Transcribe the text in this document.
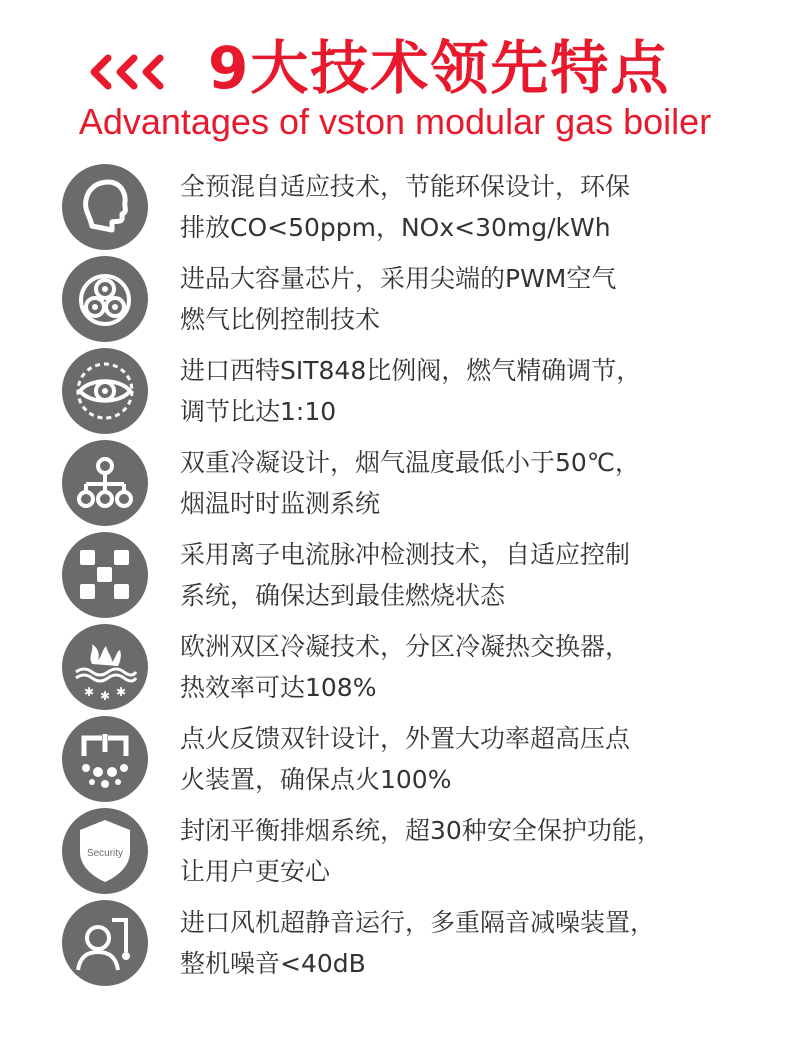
9大技术领先特点
Advantages of vston modular gas boiler
全预混自适应技术，节能环保设计，环保
排放CO<50ppm，NOx<30mg/kWh
进品大容量芯片，采用尖端的PWM空气
燃气比例控制技术
进口西特SIT848比例阀，燃气精确调节，
调节比达1:10
双重冷凝设计，烟气温度最低小于50℃，
烟温时时监测系统
采用离子电流脉冲检测技术，自适应控制
系统，确保达到最佳燃烧状态
✱ ✱ ✱
欧洲双区冷凝技术，分区冷凝热交换器，
热效率可达108%
点火反馈双针设计，外置大功率超高压点
火装置，确保点火100%
Security
封闭平衡排烟系统，超30种安全保护功能，
让用户更安心
进口风机超静音运行，多重隔音减噪装置，
整机噪音<40dB
